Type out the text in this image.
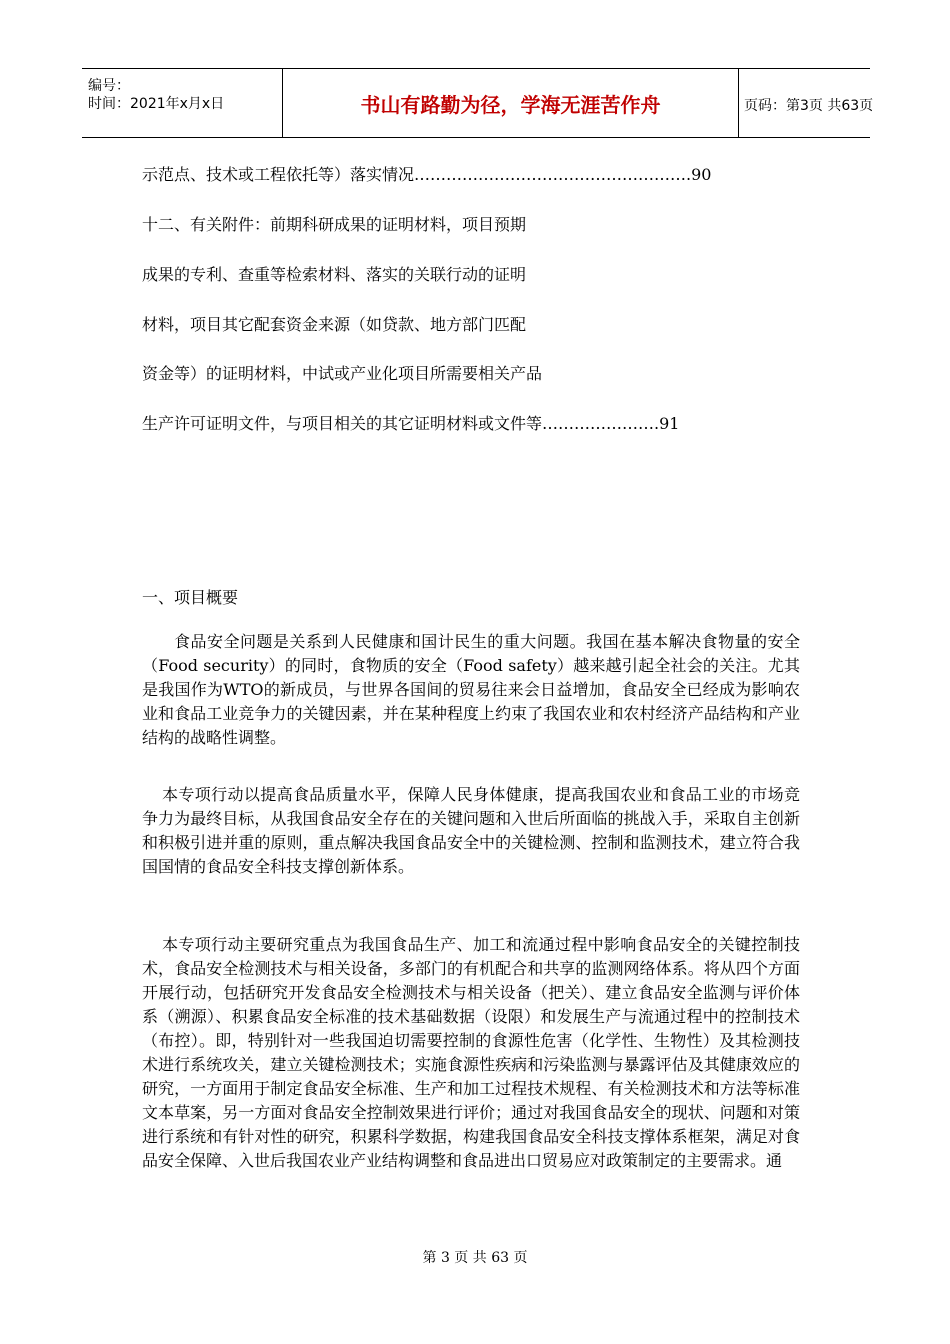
编号：
时间：2021年x月x日	书山有路勤为径，学海无涯苦作舟	页码：第3页 共63页
示范点、技术或工程依托等）落实情况…………………………………………….90
十二、有关附件：前期科研成果的证明材料，项目预期
成果的专利、查重等检索材料、落实的关联行动的证明
材料，项目其它配套资金来源（如贷款、地方部门匹配
资金等）的证明材料，中试或产业化项目所需要相关产品
生产许可证明文件，与项目相关的其它证明材料或文件等………………….91
一、项目概要
食品安全问题是关系到人民健康和国计民生的重大问题。我国在基本解决食物量的安全（Food security）的同时，食物质的安全（Food safety）越来越引起全社会的关注。尤其是我国作为WTO的新成员，与世界各国间的贸易往来会日益增加，食品安全已经成为影响农业和食品工业竞争力的关键因素，并在某种程度上约束了我国农业和农村经济产品结构和产业结构的战略性调整。
本专项行动以提高食品质量水平，保障人民身体健康，提高我国农业和食品工业的市场竞争力为最终目标，从我国食品安全存在的关键问题和入世后所面临的挑战入手，采取自主创新和积极引进并重的原则，重点解决我国食品安全中的关键检测、控制和监测技术，建立符合我国国情的食品安全科技支撑创新体系。
本专项行动主要研究重点为我国食品生产、加工和流通过程中影响食品安全的关键控制技术，食品安全检测技术与相关设备，多部门的有机配合和共享的监测网络体系。将从四个方面开展行动，包括研究开发食品安全检测技术与相关设备（把关）、建立食品安全监测与评价体系（溯源）、积累食品安全标准的技术基础数据（设限）和发展生产与流通过程中的控制技术（布控）。即，特别针对一些我国迫切需要控制的食源性危害（化学性、生物性）及其检测技术进行系统攻关，建立关键检测技术；实施食源性疾病和污染监测与暴露评估及其健康效应的研究，一方面用于制定食品安全标准、生产和加工过程技术规程、有关检测技术和方法等标准文本草案，另一方面对食品安全控制效果进行评价；通过对我国食品安全的现状、问题和对策进行系统和有针对性的研究，积累科学数据，构建我国食品安全科技支撑体系框架，满足对食品安全保障、入世后我国农业产业结构调整和食品进出口贸易应对政策制定的主要需求。通
第 3 页 共 63 页
